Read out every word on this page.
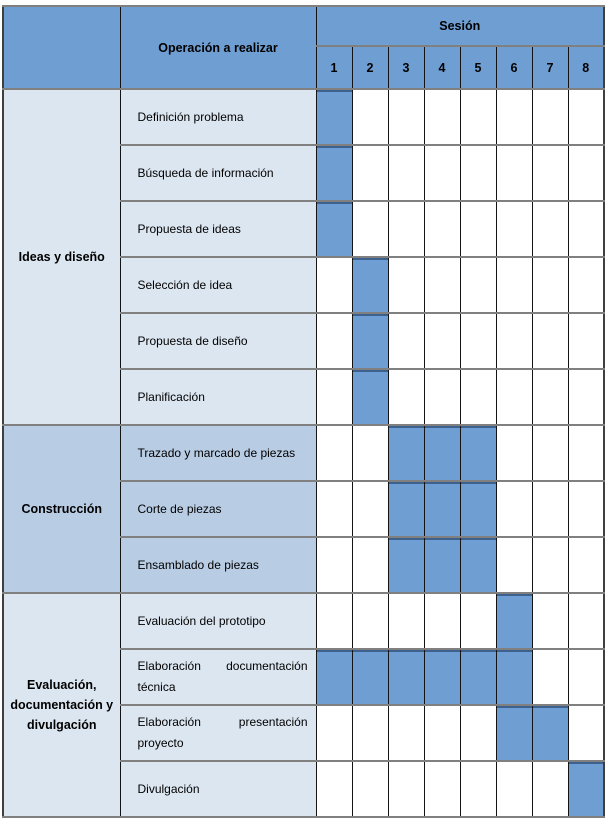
	Operación a realizar	Sesión							
		1	2	3	4	5	6	7	8
Ideas y diseño	Definición problema								
	Búsqueda de información								
	Propuesta de ideas								
	Selección de idea								
	Propuesta de diseño								
	Planificación								
Construcción	Trazado y marcado de piezas								
	Corte de piezas								
	Ensamblado de piezas								
Evaluación, documentación y divulgación	Evaluación del prototipo								
	Elaboración documentación técnica								
	Elaboración presentación proyecto								
	Divulgación								
